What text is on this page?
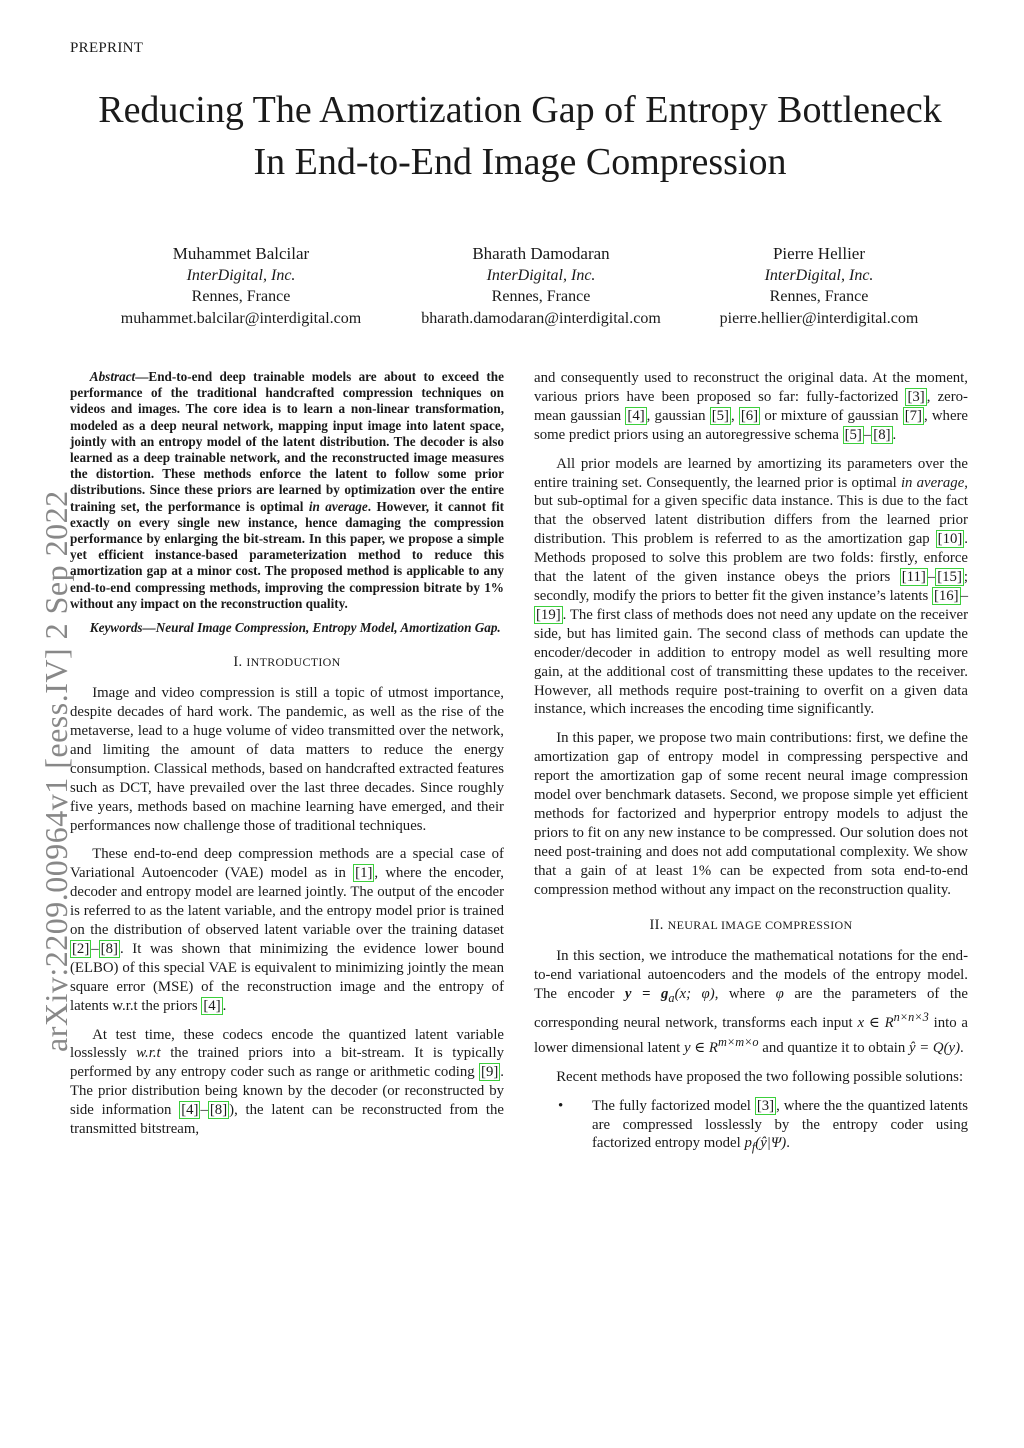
PREPRINT
Reducing The Amortization Gap of Entropy Bottleneck In End-to-End Image Compression
Muhammet Balcilar
InterDigital, Inc.
Rennes, France
muhammet.balcilar@interdigital.com
Bharath Damodaran
InterDigital, Inc.
Rennes, France
bharath.damodaran@interdigital.com
Pierre Hellier
InterDigital, Inc.
Rennes, France
pierre.hellier@interdigital.com
arXiv:2209.00964v1 [eess.IV] 2 Sep 2022

Abstract—End-to-end deep trainable models are about to exceed the performance of the traditional handcrafted compression techniques on videos and images. The core idea is to learn a non-linear transformation, modeled as a deep neural network, mapping input image into latent space, jointly with an entropy model of the latent distribution. The decoder is also learned as a deep trainable network, and the reconstructed image measures the distortion. These methods enforce the latent to follow some prior distributions. Since these priors are learned by optimization over the entire training set, the performance is optimal in average. However, it cannot fit exactly on every single new instance, hence damaging the compression performance by enlarging the bit-stream. In this paper, we propose a simple yet efficient instance-based parameterization method to reduce this amortization gap at a minor cost. The proposed method is applicable to any end-to-end compressing methods, improving the compression bitrate by 1% without any impact on the reconstruction quality.

Keywords—Neural Image Compression, Entropy Model, Amortization Gap.

I. INTRODUCTION

Image and video compression is still a topic of utmost importance, despite decades of hard work. The pandemic, as well as the rise of the metaverse, lead to a huge volume of video transmitted over the network, and limiting the amount of data matters to reduce the energy consumption. Classical methods, based on handcrafted extracted features such as DCT, have prevailed over the last three decades. Since roughly five years, methods based on machine learning have emerged, and their performances now challenge those of traditional techniques.

These end-to-end deep compression methods are a special case of Variational Autoencoder (VAE) model as in [1] , where the encoder, decoder and entropy model are learned jointly. The output of the encoder is referred to as the latent variable, and the entropy model prior is trained on the distribution of observed latent variable over the training dataset [2] – [8] . It was shown that minimizing the evidence lower bound (ELBO) of this special VAE is equivalent to minimizing jointly the mean square error (MSE) of the reconstruction image and the entropy of latents w.r.t the priors [4] .

At test time, these codecs encode the quantized latent variable losslessly w.r.t the trained priors into a bit-stream. It is typically performed by any entropy coder such as range or arithmetic coding [9] . The prior distribution being known by the decoder (or reconstructed by side information [4] – [8] ), the latent can be reconstructed from the transmitted bitstream,

and consequently used to reconstruct the original data. At the moment, various priors have been proposed so far: fully-factorized [3] , zero-mean gaussian [4] , gaussian [5] , [6] or mixture of gaussian [7] , where some predict priors using an autoregressive schema [5] – [8] .

All prior models are learned by amortizing its parameters over the entire training set. Consequently, the learned prior is optimal in average, but sub-optimal for a given specific data instance. This is due to the fact that the observed latent distribution differs from the learned prior distribution. This problem is referred to as the amortization gap [10] . Methods proposed to solve this problem are two folds: firstly, enforce that the latent of the given instance obeys the priors [11] – [15] ; secondly, modify the priors to better fit the given instance’s latents [16] –[19] . The first class of methods does not need any update on the receiver side, but has limited gain. The second class of methods can update the encoder/decoder in addition to entropy model as well resulting more gain, at the additional cost of transmitting these updates to the receiver. However, all methods require post-training to overfit on a given data instance, which increases the encoding time significantly.

In this paper, we propose two main contributions: first, we define the amortization gap of entropy model in compressing perspective and report the amortization gap of some recent neural image compression model over benchmark datasets. Second, we propose simple yet efficient methods for factorized and hyperprior entropy models to adjust the priors to fit on any new instance to be compressed. Our solution does not need post-training and does not add computational complexity. We show that a gain of at least 1% can be expected from sota end-to-end compression method without any impact on the reconstruction quality.

II. NEURAL IMAGE COMPRESSION

In this section, we introduce the mathematical notations for the end-to-end variational autoencoders and the models of the entropy model. The encoder $y = g_a(x$; φ), where φ are the parameters of the corresponding neural network, transforms each input x ∈ $R^{n\times n\times 3}$ into a lower dimensional latent y ∈ $R^{m\times m\times o}$ and quantize it to obtain ŷ = Q(y).

Recent methods have proposed the two following possible solutions:

• The fully factorized model [3] , where the the quantized latents are compressed losslessly by the entropy coder using factorized entropy model $p_f(ŷ|\Psi)$.
